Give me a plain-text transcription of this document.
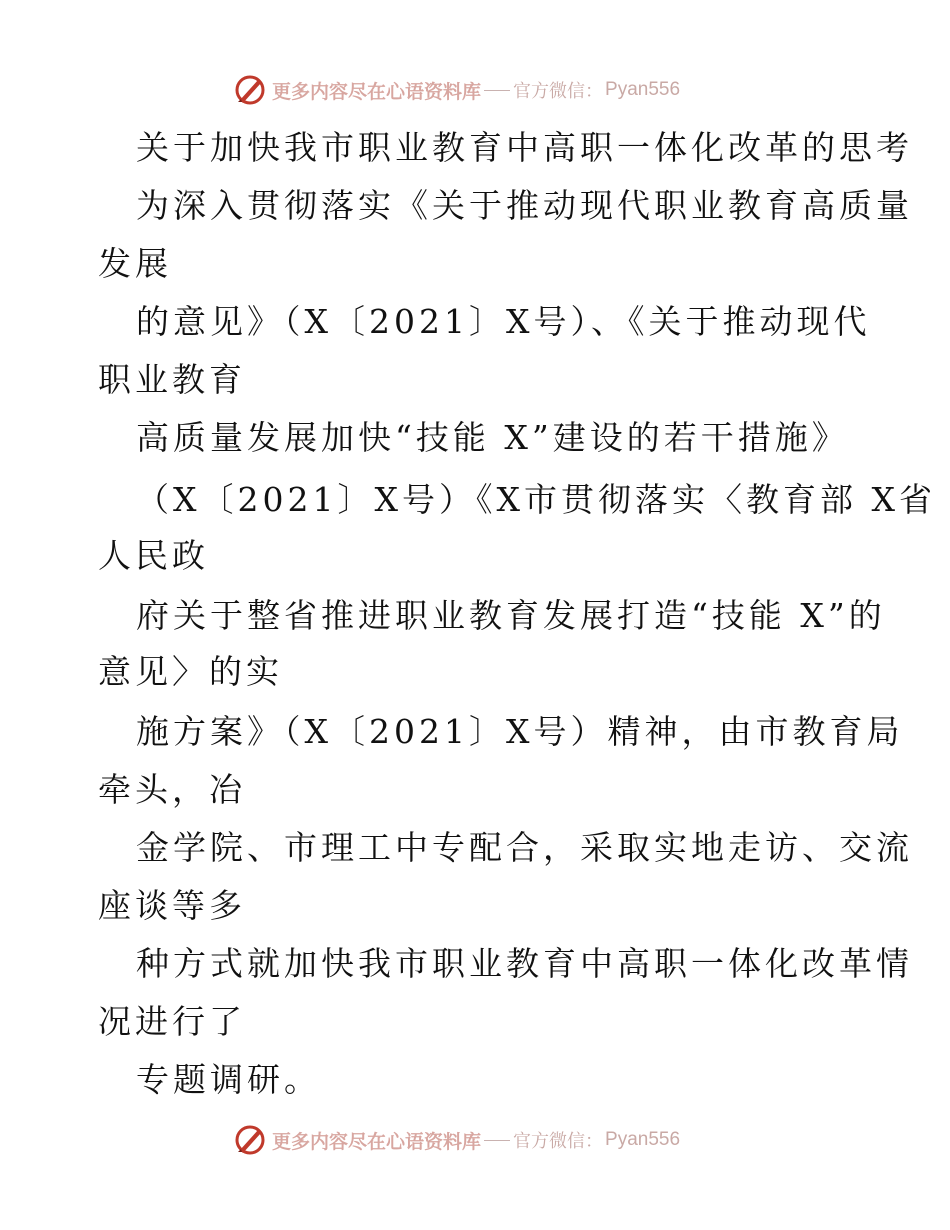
更多内容尽在心语资料库 官方微信： Pyan556
关于加快我市职业教育中高职一体化改革的思考
为深入贯彻落实《关于推动现代职业教育高质量
发展
的意见》（X〔2021〕X号）、《关于推动现代
职业教育
高质量发展加快“技能 X”建设的若干措施》
（X〔2021〕X号）《X市贯彻落实〈教育部 X省
人民政
府关于整省推进职业教育发展打造“技能 X”的
意见〉的实
施方案》（X〔2021〕X号）精神，由市教育局
牵头，冶
金学院、市理工中专配合，采取实地走访、交流
座谈等多
种方式就加快我市职业教育中高职一体化改革情
况进行了
专题调研。
更多内容尽在心语资料库 官方微信： Pyan556
